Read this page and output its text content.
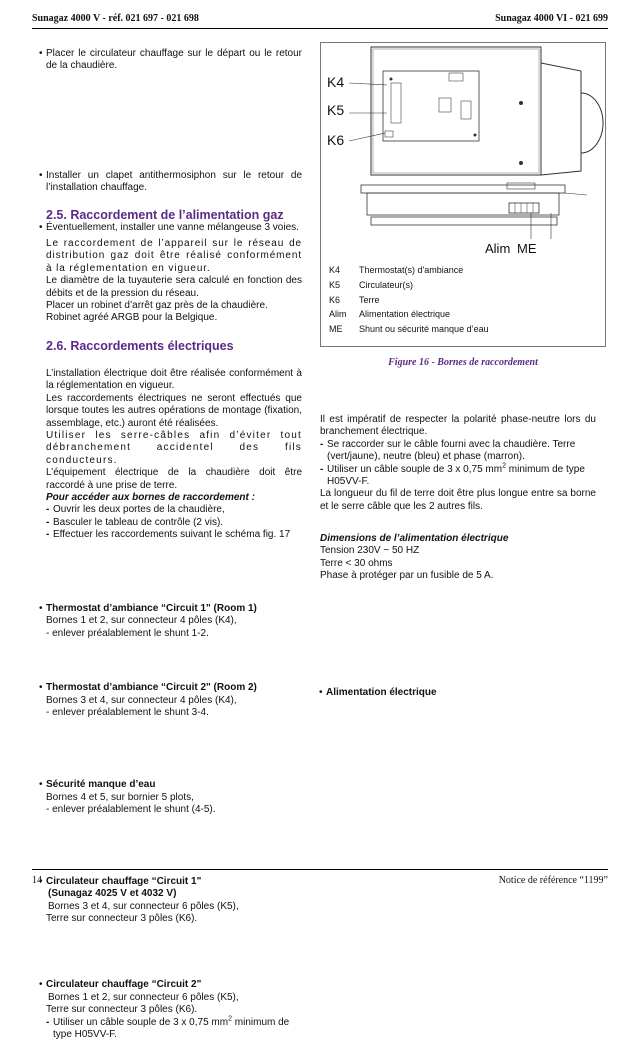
Sunagaz 4000 V - réf. 021 697 - 021 698	Sunagaz 4000 VI - 021 699
• Placer le circulateur chauffage sur le départ ou le retour de la chaudière.
• Installer un clapet antithermosiphon sur le retour de l’installation chauffage.
• Éventuellement, installer une vanne mélangeuse 3 voies.
2.5. Raccordement de l’alimentation gaz

Le raccordement de l’appareil sur le réseau de distribution gaz doit être réalisé conformément à la réglementation en vigueur.

Le diamètre de la tuyauterie sera calculé en fonction des débits et de la pression du réseau.

Placer un robinet d’arrêt gaz près de la chaudière.

Robinet agréé ARGB pour la Belgique.

2.6. Raccordements électriques

L’installation électrique doit être réalisée conformément à la réglementation en vigueur.

Les raccordements électriques ne seront effectués que lorsque toutes les autres opérations de montage (fixation, assemblage, etc.) auront été réalisées.

Utiliser les serre-câbles afin d’éviter tout débranchement accidentel des fils conducteurs.

L’équipement électrique de la chaudière doit être raccordé à une prise de terre.

Pour accéder aux bornes de raccordement :

- Ouvrir les deux portes de la chaudière,

- Basculer le tableau de contrôle (2 vis).

- Effectuer les raccordements suivant le schéma fig. 17

• Thermostat d’ambiance “Circuit 1" (Room 1)

Bornes 1 et 2, sur connecteur 4 pôles (K4),

- enlever préalablement le shunt 1-2.

• Thermostat d’ambiance “Circuit 2" (Room 2)

Bornes 3 et 4, sur connecteur 4 pôles (K4),

- enlever préalablement le shunt 3-4.

• Sécurité manque d’eau

Bornes 4 et 5, sur bornier 5 plots,

- enlever préalablement le shunt (4-5).

• Circulateur chauffage “Circuit 1"

(Sunagaz 4025 V et 4032 V)

Bornes 3 et 4, sur connecteur 6 pôles (K5),

Terre sur connecteur 3 pôles (K6).

• Circulateur chauffage “Circuit 2"

Bornes 1 et 2, sur connecteur 6 pôles (K5),

Terre sur connecteur 3 pôles (K6).

- Utiliser un câble souple de 3 x 0,75 $mm^2$ minimum de type H05VV-F.

K4
K5
K6
Alim ME
K4 Thermostat(s) d'ambiance
K5 Circulateur(s)
K6 Terre
Alim Alimentation électrique
ME Shunt ou sécurité manque d’eau
Figure 16 - Bornes de raccordement

• Alimentation électrique

Il est impératif de respecter la polarité phase-neutre lors du branchement électrique.

- Se raccorder sur le câble fourni avec la chaudière. Terre (vert/jaune), neutre (bleu) et phase (marron).

- Utiliser un câble souple de 3 x 0,75 $mm^2$ minimum de type H05VV-F.

La longueur du fil de terre doit être plus longue entre sa borne et le serre câble que les 2 autres fils.

Dimensions de l’alimentation électrique

Tension 230V ~ 50 HZ

Terre < 30 ohms

Phase à protéger par un fusible de 5 A.

14	Notice de référence “1199”
